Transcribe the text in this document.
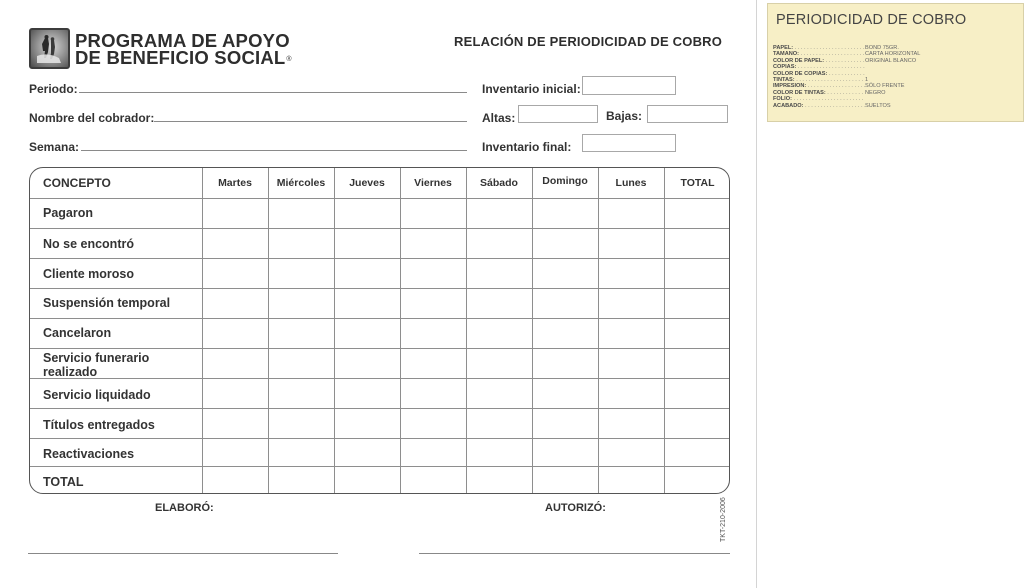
PROGRAMA DE APOYO
DE BENEFICIO SOCIAL®
RELACIÓN DE PERIODICIDAD DE COBRO
Periodo:
Nombre del cobrador:
Semana:
Inventario inicial:
Altas:	Bajas:
Inventario final:
CONCEPTO	Martes	Miércoles	Jueves	Viernes	Sábado	Domingo	Lunes	TOTAL
Pagaron
No se encontró
Cliente moroso
Suspensión temporal
Cancelaron
Servicio funerario
realizado
Servicio liquidado
Títulos entregados
Reactivaciones
TOTAL
ELABORÓ:	AUTORIZÓ:	TKT-210-2006
PERIODICIDAD DE COBRO
PAPEL: . . .	BOND 75GR.
TAMAÑO: . . .	CARTA HORIZONTAL
COLOR DE PAPEL: . . .	ORIGINAL BLANCO
COPIAS: . . .
COLOR DE COPIAS: . . .
TINTAS: . . .	1
IMPRESIÓN: . . .	SÓLO FRENTE
COLOR DE TINTAS: . . .	NEGRO
FOLIO: . . .
ACABADO: . . .	SUELTOS
